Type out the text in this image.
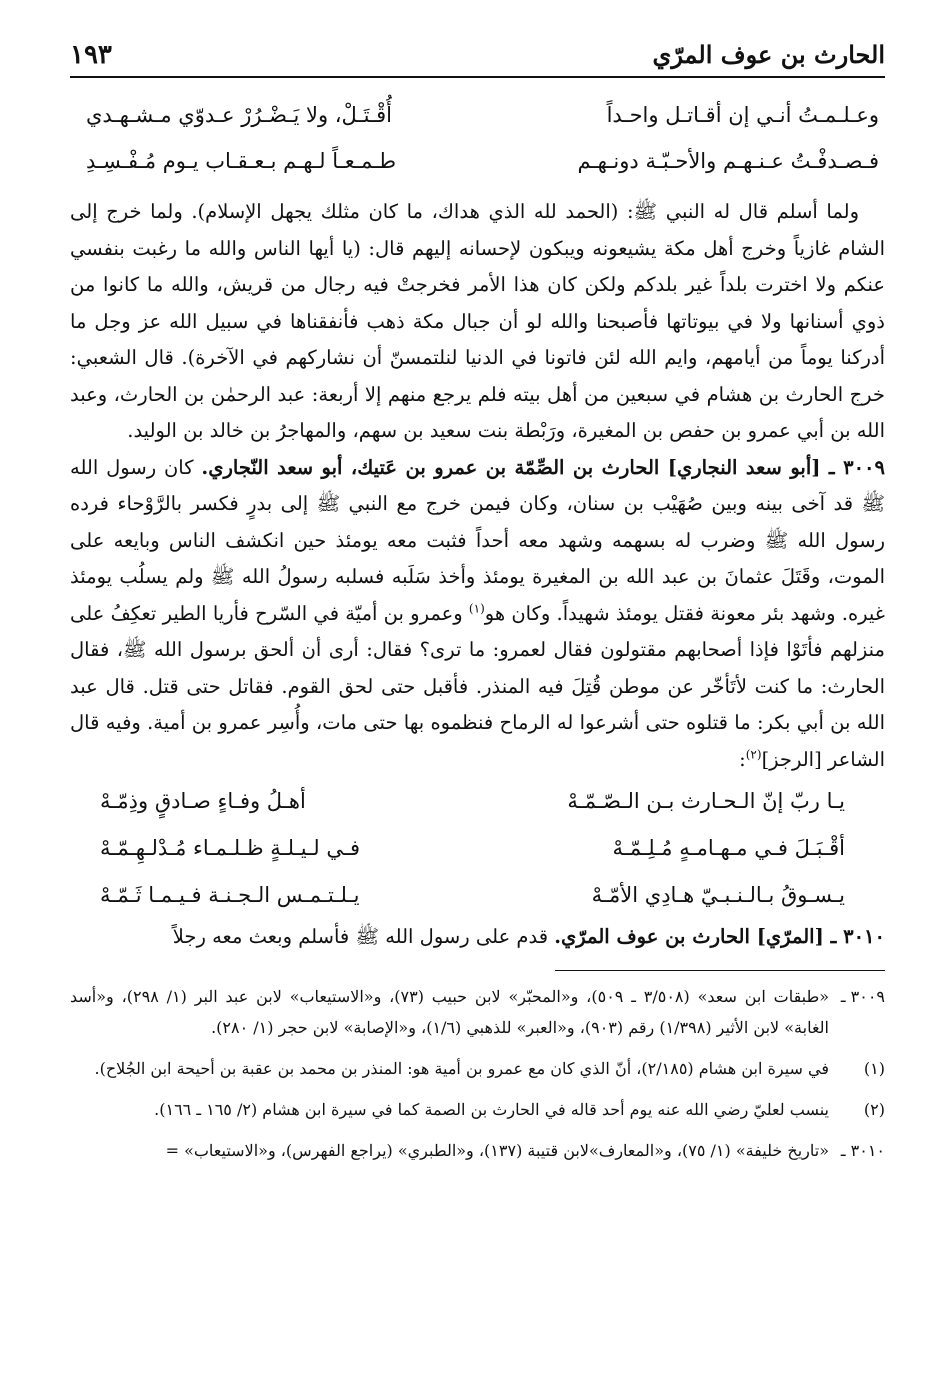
الحارث بن عوف المرّي
١٩٣
وعـلـمـتُ أنـي إن أقـاتـل واحـداً
أُقْـتَـلْ، ولا يَـضْـرُرْ عـدوّي مـشـهـدي
فـصـدفْـتُ عـنـهـم والأحـبّـة دونـهـم
طـمـعـاً لـهـم بـعـقـاب يـوم مُـفْـسِـدِ

ولما أسلم قال له النبي ﷺ: (الحمد لله الذي هداك، ما كان مثلك يجهل الإسلام). ولما خرج إلى الشام غازياً وخرج أهل مكة يشيعونه ويبكون لإحسانه إليهم قال: (يا أيها الناس والله ما رغبت بنفسي عنكم ولا اخترت بلداً غير بلدكم ولكن كان هذا الأمر فخرجتْ فيه رجال من قريش، والله ما كانوا من ذوي أسنانها ولا في بيوتاتها فأصبحنا والله لو أن جبال مكة ذهب فأنفقناها في سبيل الله عز وجل ما أدركنا يوماً من أيامهم، وايم الله لئن فاتونا في الدنيا لنلتمسنّ أن نشاركهم في الآخرة). قال الشعبي: خرج الحارث بن هشام في سبعين من أهل بيته فلم يرجع منهم إلا أربعة: عبد الرحمٰن بن الحارث، وعبد الله بن أبي عمرو بن حفص بن المغيرة، ورَبْطة بنت سعيد بن سهم، والمهاجرُ بن خالد بن الوليد.

٣٠٠٩ ـ [أبو سعد النجاري] الحارث بن الصِّمّة بن عمرو بن عَتيك، أبو سعد النّجاري. كان رسول الله ﷺ قد آخى بينه وبين صُهَيْب بن سنان، وكان فيمن خرج مع النبي ﷺ إلى بدرٍ فكسر بالرَّوْحاء فرده رسول الله ﷺ وضرب له بسهمه وشهد معه أحداً فثبت معه يومئذ حين انكشف الناس وبايعه على الموت، وقَتَلَ عثمانَ بن عبد الله بن المغيرة يومئذ وأخذ سَلَبه فسلبه رسولُ الله ﷺ ولم يسلُب يومئذ غيره. وشهد بئر معونة فقتل يومئذ شهيداً. وكان هو$^{(١)}$ وعمرو بن أميّة في السّرح فأريا الطير تعكِفُ على منزلهم فأتَوْا فإذا أصحابهم مقتولون فقال لعمرو: ما ترى؟ فقال: أرى أن ألحق برسول الله ﷺ، فقال الحارث: ما كنت لأتَأخّر عن موطن قُتِلَ فيه المنذر. فأقبل حتى لحق القوم. فقاتل حتى قتل. قال عبد الله بن أبي بكر: ما قتلوه حتى أشرعوا له الرماح فنظموه بها حتى مات، وأُسِر عمرو بن أمية. وفيه قال الشاعر [الرجز]$^{(٢)}$:

يـا ربّ إنّ الـحـارث بـن الـصّـمّـهْ
أهـلُ وفـاءٍ صـادقٍ وذِمّـهْ
أقْـبَـلَ فـي مـهـامـهٍ مُـلِـمّـهْ
فـي لـيـلـةٍ ظـلـمـاء مُـدْلـهِـمّـهْ
يـسـوقُ بـالـنـبـيّ هـادِي الأمّـهْ
يـلـتـمـس الـجـنـة فـيـمـا ثَـمّـهْ

٣٠١٠ ـ [المرّي] الحارث بن عوف المرّي. قدم على رسول الله ﷺ فأسلم وبعث معه رجلاً

٣٠٠٩ ـ
«طبقات ابن سعد» (٣/٥٠٨ ـ ٥٠٩)، و«المحبّر» لابن حبيب (٧٣)، و«الاستيعاب» لابن عبد البر (١/ ٢٩٨)، و«أسد الغابة» لابن الأثير (١/٣٩٨) رقم (٩٠٣)، و«العبر» للذهبي (١/٦)، و«الإصابة» لابن حجر (١/ ٢٨٠).
(١)
في سيرة ابن هشام (٢/١٨٥)، أنّ الذي كان مع عمرو بن أمية هو: المنذر بن محمد بن عقبة بن أحيحة ابن الجُلاح).
(٢)
ينسب لعليّ رضي الله عنه يوم أحد قاله في الحارث بن الصمة كما في سيرة ابن هشام (٢/ ١٦٥ ـ ١٦٦).
٣٠١٠ ـ
«تاريخ خليفة» (١/ ٧٥)، و«المعارف»لابن قتيبة (١٣٧)، و«الطبري» (يراجع الفهرس)، و«الاستيعاب» =
